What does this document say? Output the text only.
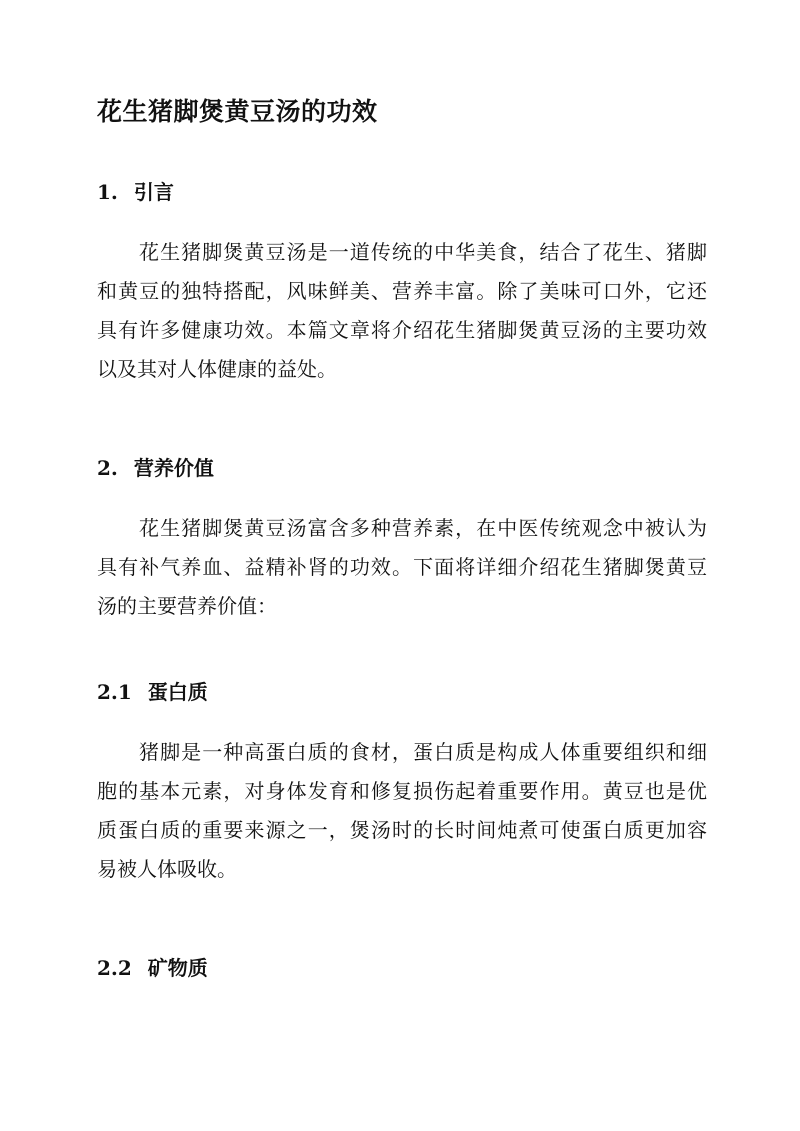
花生猪脚煲黄豆汤的功效
1. 引言
花生猪脚煲黄豆汤是一道传统的中华美食，结合了花生、猪脚
和黄豆的独特搭配，风味鲜美、营养丰富。除了美味可口外，它还
具有许多健康功效。本篇文章将介绍花生猪脚煲黄豆汤的主要功效
以及其对人体健康的益处。
2. 营养价值
花生猪脚煲黄豆汤富含多种营养素，在中医传统观念中被认为
具有补气养血、益精补肾的功效。下面将详细介绍花生猪脚煲黄豆
汤的主要营养价值：
2.1 蛋白质
猪脚是一种高蛋白质的食材，蛋白质是构成人体重要组织和细
胞的基本元素，对身体发育和修复损伤起着重要作用。黄豆也是优
质蛋白质的重要来源之一，煲汤时的长时间炖煮可使蛋白质更加容
易被人体吸收。
2.2 矿物质
